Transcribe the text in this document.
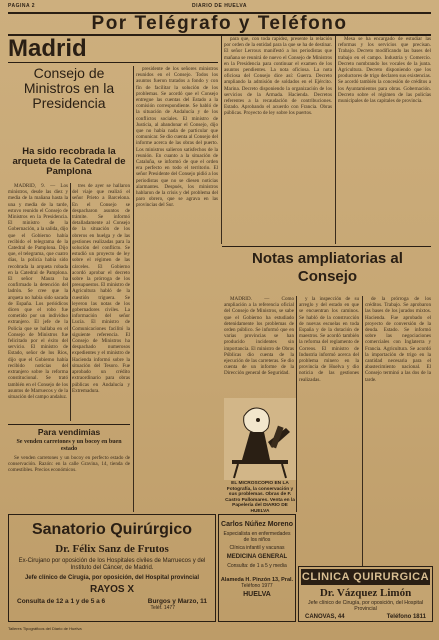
PAGINA 2	DIARIO DE HUELVA
Por Telégrafo y Teléfono
Madrid
Consejo de Ministros en la Presidencia
Ha sido recobrada la arqueta de la Catedral de Pamplona

MADRID, 9. — Los ministros, desde las diez y media de la mañana hasta la una y media de la tarde, estuvo reunido el Consejo de Ministros en la Presidencia. El ministro de la Gobernación, a la salida, dijo que el Gobierno había recibido el telegrama de la Catedral de Pamplona. Dijo que, el telegrama, que cuatro días, la policía había sido recobrada la arqueta robada en la Catedral de Pamplona. El señor Maura ha confirmado la detención del ladrón. Se cree que la arqueta no había sido sacada de España. Los periódicos dicen que el robo fue cometido por un individuo extranjero. El jefe de la Policía que se hallaba en el Consejo de Ministros fue felicitado por el éxito del servicio. El ministro de Estado, señor de los Ríos, dijo que el Gobierno había recibido noticias del extranjero sobre la reforma constitucional. Se trató también en el Consejo de los asuntos de Marruecos y de la situación del campo andaluz.

tres de ayer se hallaron del viaje que realizó el señor Prieto a Barcelona. En el Consejo se despacharon asuntos de trámite. Se informó detalladamente al Consejo de la situación de los obreros en huelga y de las gestiones realizadas para la solución del conflicto. Se estudió un proyecto de ley sobre el régimen de las cárceles. El Gobierno acordó aprobar el decreto sobre la prórroga de los presupuestos. El ministro de Agricultura habló de la cuestión triguera. Se leyeron las notas de los gobernadores civiles. La información del señor Lucía. El ministro de Comunicaciones facilitó la siguiente referencia. El Consejo de Ministros ha despachado numerosos expedientes y el ministro de Hacienda informó sobre la situación del Tesoro. Fue aprobado un crédito extraordinario para obras públicas en Andalucía y Extremadura.

presidente de los señores ministros reunidos en el Consejo. Todos los asuntos fueron tratados a fondo y con fin de facilitar la solución de los problemas. Se acordó que el Consejo entregue las cuentas del Estado a la comisión correspondiente. Se habló de la situación de Andalucía y de los conflictos sociales. El ministro de Justicia, al abandonar el Consejo, dijo que no había nada de particular que comunicar. Se dio cuenta al Consejo del informe acerca de las obras del puerto. Los ministros salieron satisfechos de la reunión. En cuanto a la situación de Cataluña, se informó de que el orden era perfecto en todo el territorio. El señor Presidente del Consejo pidió a los periodistas que no se diesen noticias alarmantes. Después, los ministros hablaron de la crisis y del problema del paro obrero, que se agrava en las provincias del Sur.

para que, con toda rapidez, presente la relación por orden de la entidad para la que se ha de destinar. El señor Lerroux manifestó a los periodistas que mañana se reunirá de nuevo el Consejo de Ministros en la Presidencia para continuar el examen de los asuntos pendientes. La nota oficiosa. La nota oficiosa del Consejo dice así: Guerra. Decreto ampliando la admisión de soldados en el Ejército. Marina. Decreto disponiendo la organización de los servicios de la Armada. Hacienda. Decretos referentes a la recaudación de contribuciones. Estado. Aprobando el acuerdo con Francia. Obras públicas. Proyecto de ley sobre los puertos.

Mesa se ha encargado de estudiar las reformas y los servicios que precisan. Trabajo. Decreto modificando las bases del trabajo en el campo. Industria y Comercio. Decreto nombrando los vocales de la junta. Agricultura. Decreto disponiendo que los productores de trigo declaren sus existencias. Se acordó también la concesión de créditos a los Ayuntamientos para obras. Gobernación. Decreto sobre el régimen de las policías municipales de las capitales de provincia.

Para vendimias
Se venden carretones y un bocoy en buen estado

Se venden carretones y un bocoy en perfecto estado de conservación. Razón: en la calle Gravina, 14, tienda de comestibles. Precios económicos.

Notas ampliatorias al Consejo

MADRID. — Como ampliación a la referencia oficial del Consejo de Ministros, se sabe que el Gobierno ha estudiado detenidamente los problemas de orden público. Se informó que en varias provincias se han producido incidentes sin importancia. El ministro de Obras Públicas dio cuenta de la ejecución de las carreteras. Se dio cuenta de un informe de la Dirección general de Seguridad.

y la inspección de su arreglo y del estado en que se encuentran los caminos. Se habló de la construcción de nuevas escuelas en toda España y de la dotación de maestros. Se acordó también la reforma del reglamento de Correos. El ministro de Industria informó acerca del problema minero en la provincia de Huelva y dio noticia de las gestiones realizadas.

de la prórroga de los créditos. Trabajo. Se aprobaron las bases de los jurados mixtos. Hacienda. Fue aprobado el proyecto de conversión de la deuda. Estado. Se informó sobre las negociaciones comerciales con Inglaterra y Francia. Agricultura. Se acordó la importación de trigo en la cantidad necesaria para el abastecimiento nacional. El Consejo terminó a las dos de la tarde.

EL MICROSCOPIO EN LA Fotografía, la conservación y sus problemas. Obras de F. Castro Pallomares. Venta en la Papelería del DIARIO DE HUELVA
Sanatorio Quirúrgico
Dr. Félix Sanz de Frutos
Ex-Cirujano por oposición de los Hospitales civiles de Marruecos y del Instituto del Cáncer, de Madrid.
Jefe clínico de Cirugía, por oposición, del Hospital provincial
RAYOS X
Consulta de 12 a 1 y de 5 a 6	Burgos y Marzo, 11
Teléf. 1477
Carlos Núñez Moreno
Especialista en enfermedades
de los niños
Clínica infantil y vacunas
MEDICINA GENERAL
Consulta: de 1 a 5 y media
Alameda H. Pinzón 13, Pral.
Teléfono 1977
HUELVA
CLINICA QUIRURGICA
Dr. Vázquez Limón
Jefe clínico de Cirugía, por oposición, del Hospital Provincial
CANOVAS, 44	Teléfono 1811
Talleres Tipográficos del Diario de Huelva
